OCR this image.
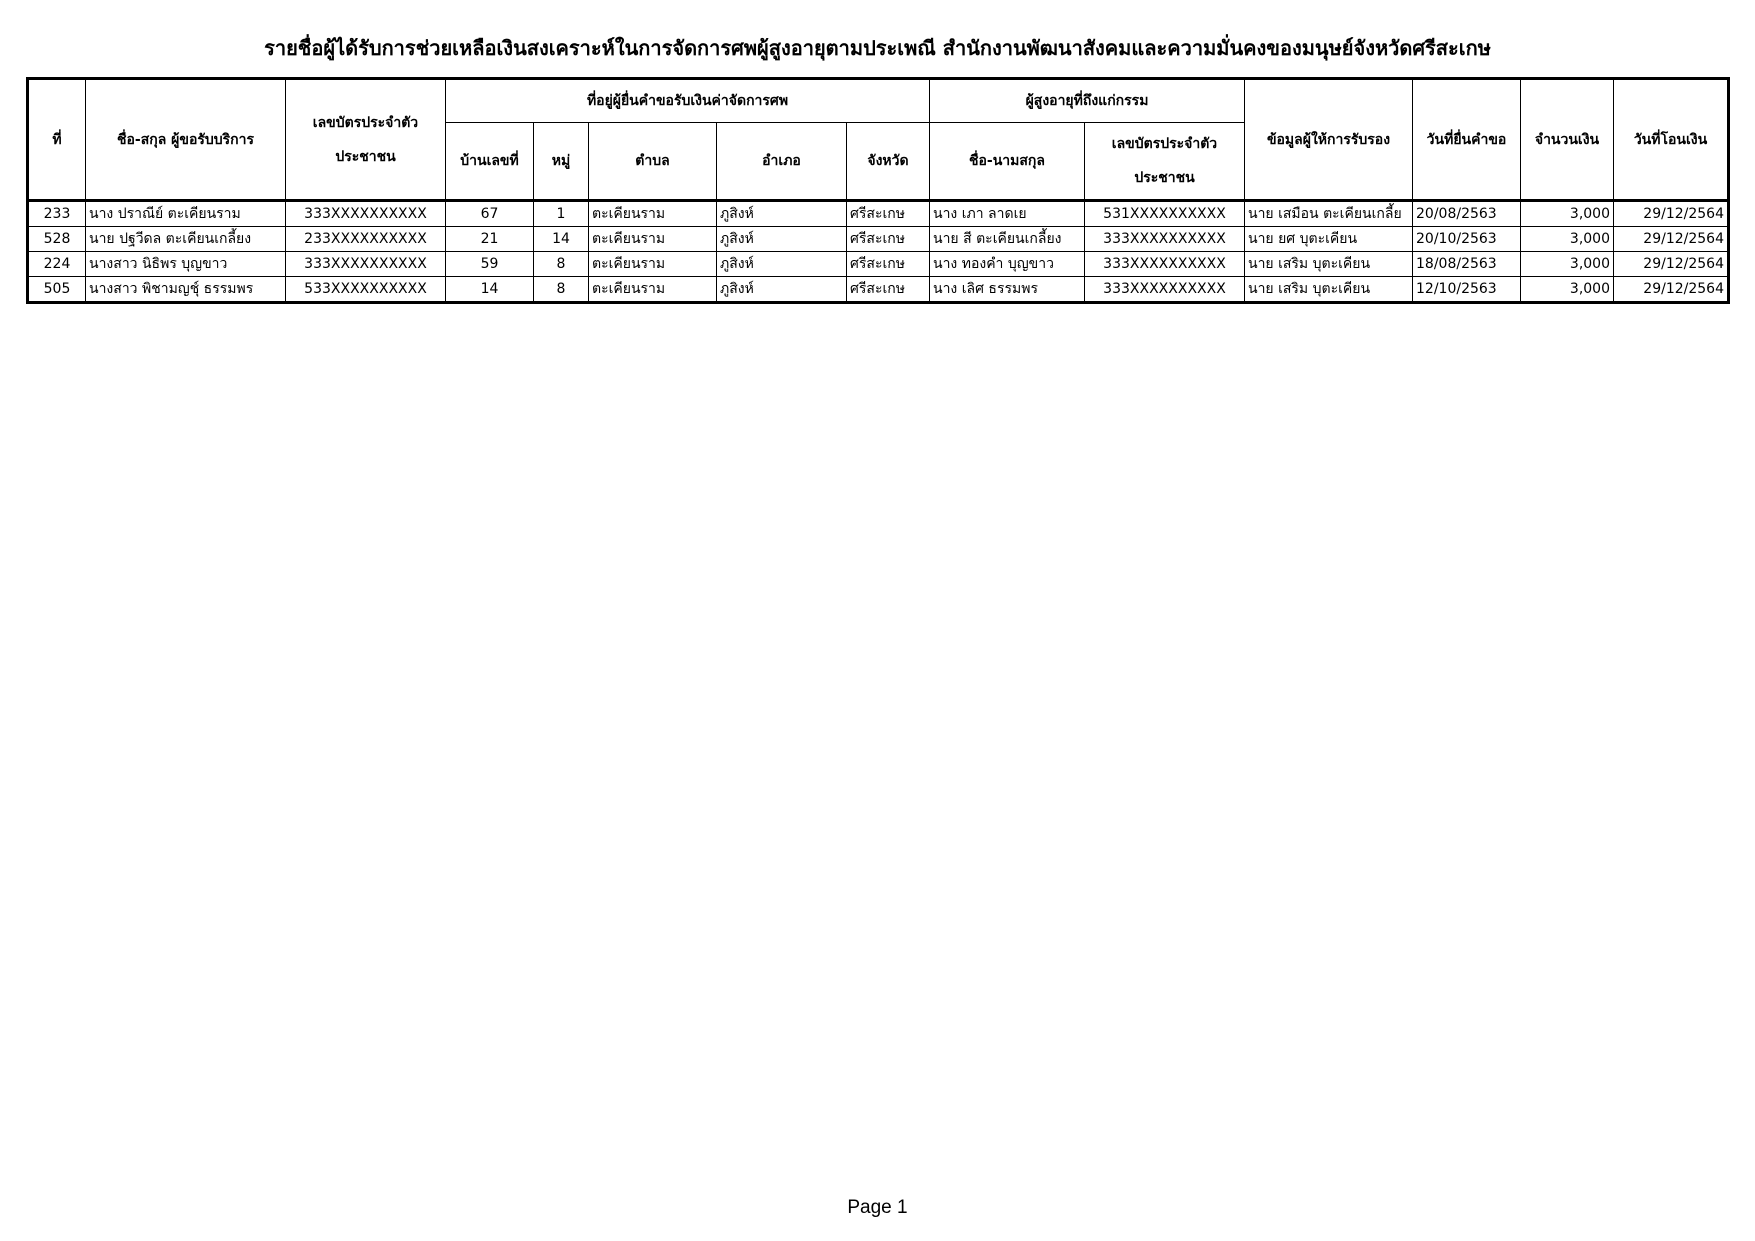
รายชื่อผู้ได้รับการช่วยเหลือเงินสงเคราะห์ในการจัดการศพผู้สูงอายุตามประเพณี สำนักงานพัฒนาสังคมและความมั่นคงของมนุษย์จังหวัดศรีสะเกษ
ที่	ชื่อ-สกุล ผู้ขอรับบริการ	เลขบัตรประจำตัว ประชาชน	ที่อยู่ผู้ยื่นคำขอรับเงินค่าจัดการศพ					ผู้สูงอายุที่ถึงแก่กรรม		ข้อมูลผู้ให้การรับรอง	วันที่ยื่นคำขอ	จำนวนเงิน	วันที่โอนเงิน
			บ้านเลขที่	หมู่	ตำบล	อำเภอ	จังหวัด	ชื่อ-นามสกุล	เลขบัตรประจำตัว ประชาชน				
233	นาง ปราณีย์ ตะเคียนราม	333XXXXXXXXXX	67	1	ตะเคียนราม	ภูสิงห์	ศรีสะเกษ	นาง เภา ลาดเย	531XXXXXXXXXX	นาย เสมือน ตะเคียนเกลี้ย	20/08/2563	3,000	29/12/2564
528	นาย ปฐวีดล ตะเคียนเกลี้ยง	233XXXXXXXXXX	21	14	ตะเคียนราม	ภูสิงห์	ศรีสะเกษ	นาย สี ตะเคียนเกลี้ยง	333XXXXXXXXXX	นาย ยศ บุตะเคียน	20/10/2563	3,000	29/12/2564
224	นางสาว นิธิพร บุญขาว	333XXXXXXXXXX	59	8	ตะเคียนราม	ภูสิงห์	ศรีสะเกษ	นาง ทองคำ บุญขาว	333XXXXXXXXXX	นาย เสริม บุตะเคียน	18/08/2563	3,000	29/12/2564
505	นางสาว พิชามญชุ์ ธรรมพร	533XXXXXXXXXX	14	8	ตะเคียนราม	ภูสิงห์	ศรีสะเกษ	นาง เลิศ ธรรมพร	333XXXXXXXXXX	นาย เสริม บุตะเคียน	12/10/2563	3,000	29/12/2564
Page 1
